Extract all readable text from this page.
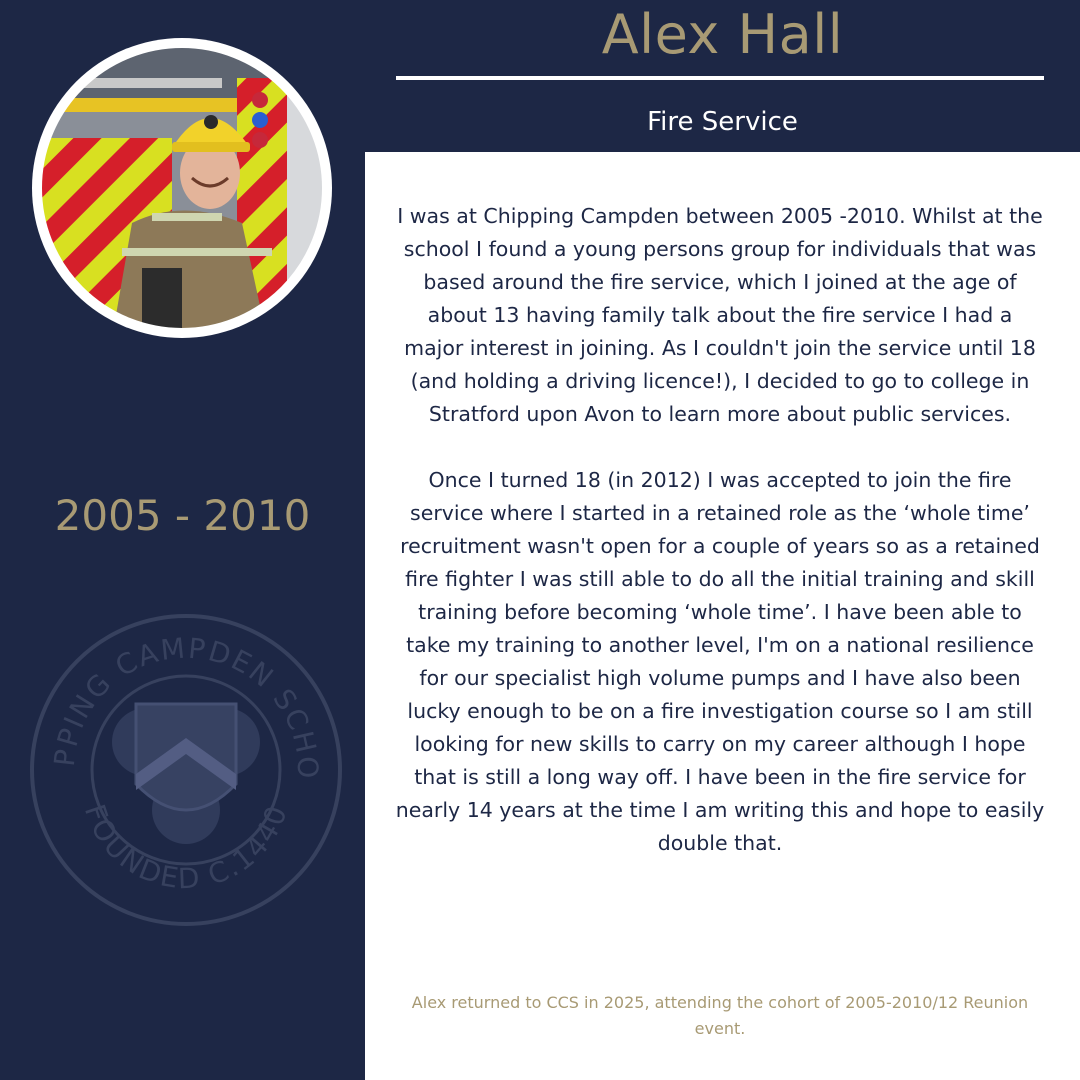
Alex Hall
Fire Service
2005 - 2010
PPING CAMPDEN SCHO
FOUNDED C.1440

I was at Chipping Campden between 2005 -2010. Whilst at the school I found a young persons group for individuals that was based around the fire service, which I joined at the age of about 13 having family talk about the fire service I had a major interest in joining. As I couldn't join the service until 18 (and holding a driving licence!), I decided to go to college in Stratford upon Avon to learn more about public services.

Once I turned 18 (in 2012) I was accepted to join the fire service where I started in a retained role as the ‘whole time’ recruitment wasn't open for a couple of years so as a retained fire fighter I was still able to do all the initial training and skill training before becoming ‘whole time’. I have been able to take my training to another level, I'm on a national resilience for our specialist high volume pumps and I have also been lucky enough to be on a fire investigation course so I am still looking for new skills to carry on my career although I hope that is still a long way off. I have been in the fire service for nearly 14 years at the time I am writing this and hope to easily double that.

Alex returned to CCS in 2025, attending the cohort of 2005-2010/12 Reunion event.
